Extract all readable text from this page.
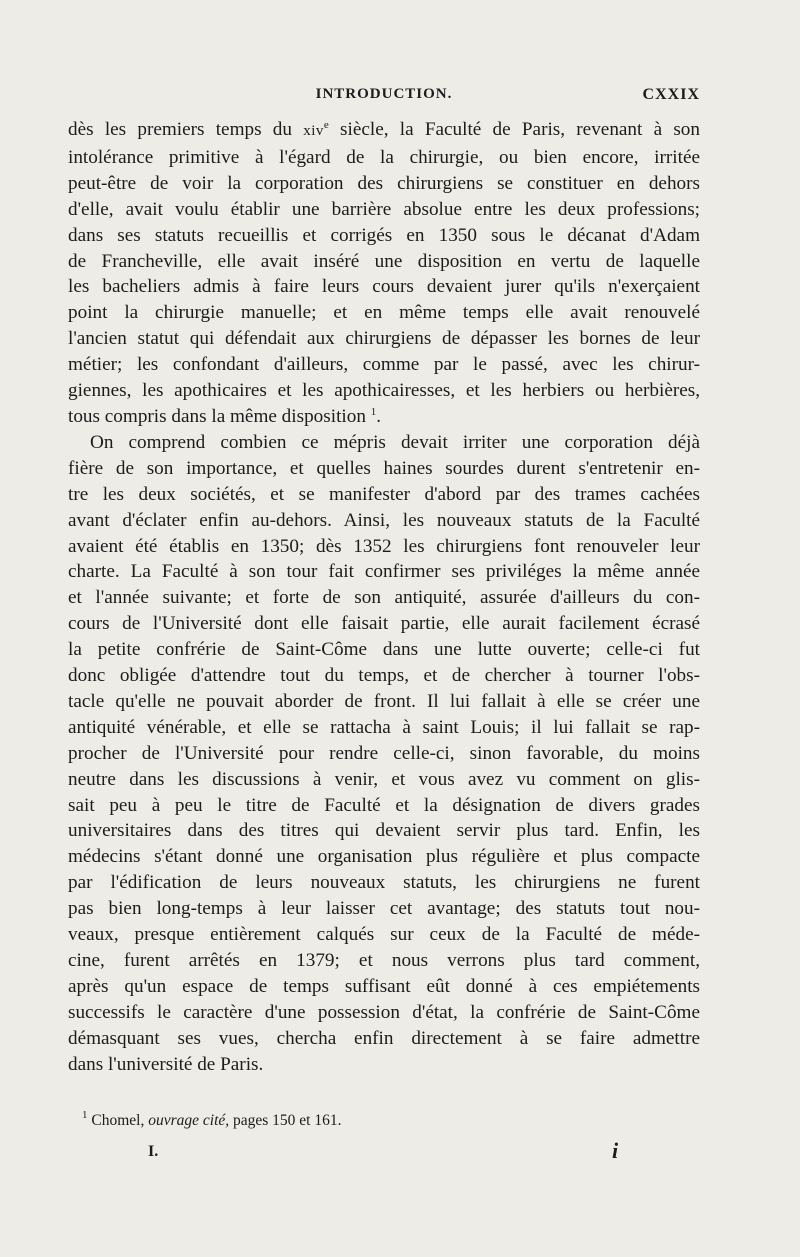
INTRODUCTION.	CXXIX
dès les premiers temps du xiv$^e$ siècle, la Faculté de Paris, revenant à son
intolérance primitive à l'égard de la chirurgie, ou bien encore, irritée
peut-être de voir la corporation des chirurgiens se constituer en dehors
d'elle, avait voulu établir une barrière absolue entre les deux professions;
dans ses statuts recueillis et corrigés en 1350 sous le décanat d'Adam
de Francheville, elle avait inséré une disposition en vertu de laquelle
les bacheliers admis à faire leurs cours devaient jurer qu'ils n'exerçaient
point la chirurgie manuelle; et en même temps elle avait renouvelé
l'ancien statut qui défendait aux chirurgiens de dépasser les bornes de leur
métier; les confondant d'ailleurs, comme par le passé, avec les chirur-
giennes, les apothicaires et les apothicairesses, et les herbiers ou herbières,
tous compris dans la même disposition $^1$.
On comprend combien ce mépris devait irriter une corporation déjà
fière de son importance, et quelles haines sourdes durent s'entretenir en-
tre les deux sociétés, et se manifester d'abord par des trames cachées
avant d'éclater enfin au-dehors. Ainsi, les nouveaux statuts de la Faculté
avaient été établis en 1350; dès 1352 les chirurgiens font renouveler leur
charte. La Faculté à son tour fait confirmer ses priviléges la même année
et l'année suivante; et forte de son antiquité, assurée d'ailleurs du con-
cours de l'Université dont elle faisait partie, elle aurait facilement écrasé
la petite confrérie de Saint-Côme dans une lutte ouverte; celle-ci fut
donc obligée d'attendre tout du temps, et de chercher à tourner l'obs-
tacle qu'elle ne pouvait aborder de front. Il lui fallait à elle se créer une
antiquité vénérable, et elle se rattacha à saint Louis; il lui fallait se rap-
procher de l'Université pour rendre celle-ci, sinon favorable, du moins
neutre dans les discussions à venir, et vous avez vu comment on glis-
sait peu à peu le titre de Faculté et la désignation de divers grades
universitaires dans des titres qui devaient servir plus tard. Enfin, les
médecins s'étant donné une organisation plus régulière et plus compacte
par l'édification de leurs nouveaux statuts, les chirurgiens ne furent
pas bien long-temps à leur laisser cet avantage; des statuts tout nou-
veaux, presque entièrement calqués sur ceux de la Faculté de méde-
cine, furent arrêtés en 1379; et nous verrons plus tard comment,
après qu'un espace de temps suffisant eût donné à ces empiétements
successifs le caractère d'une possession d'état, la confrérie de Saint-Côme
démasquant ses vues, chercha enfin directement à se faire admettre
dans l'université de Paris.
$^1$ Chomel, ouvrage cité, pages 150 et 161.
I.	i
